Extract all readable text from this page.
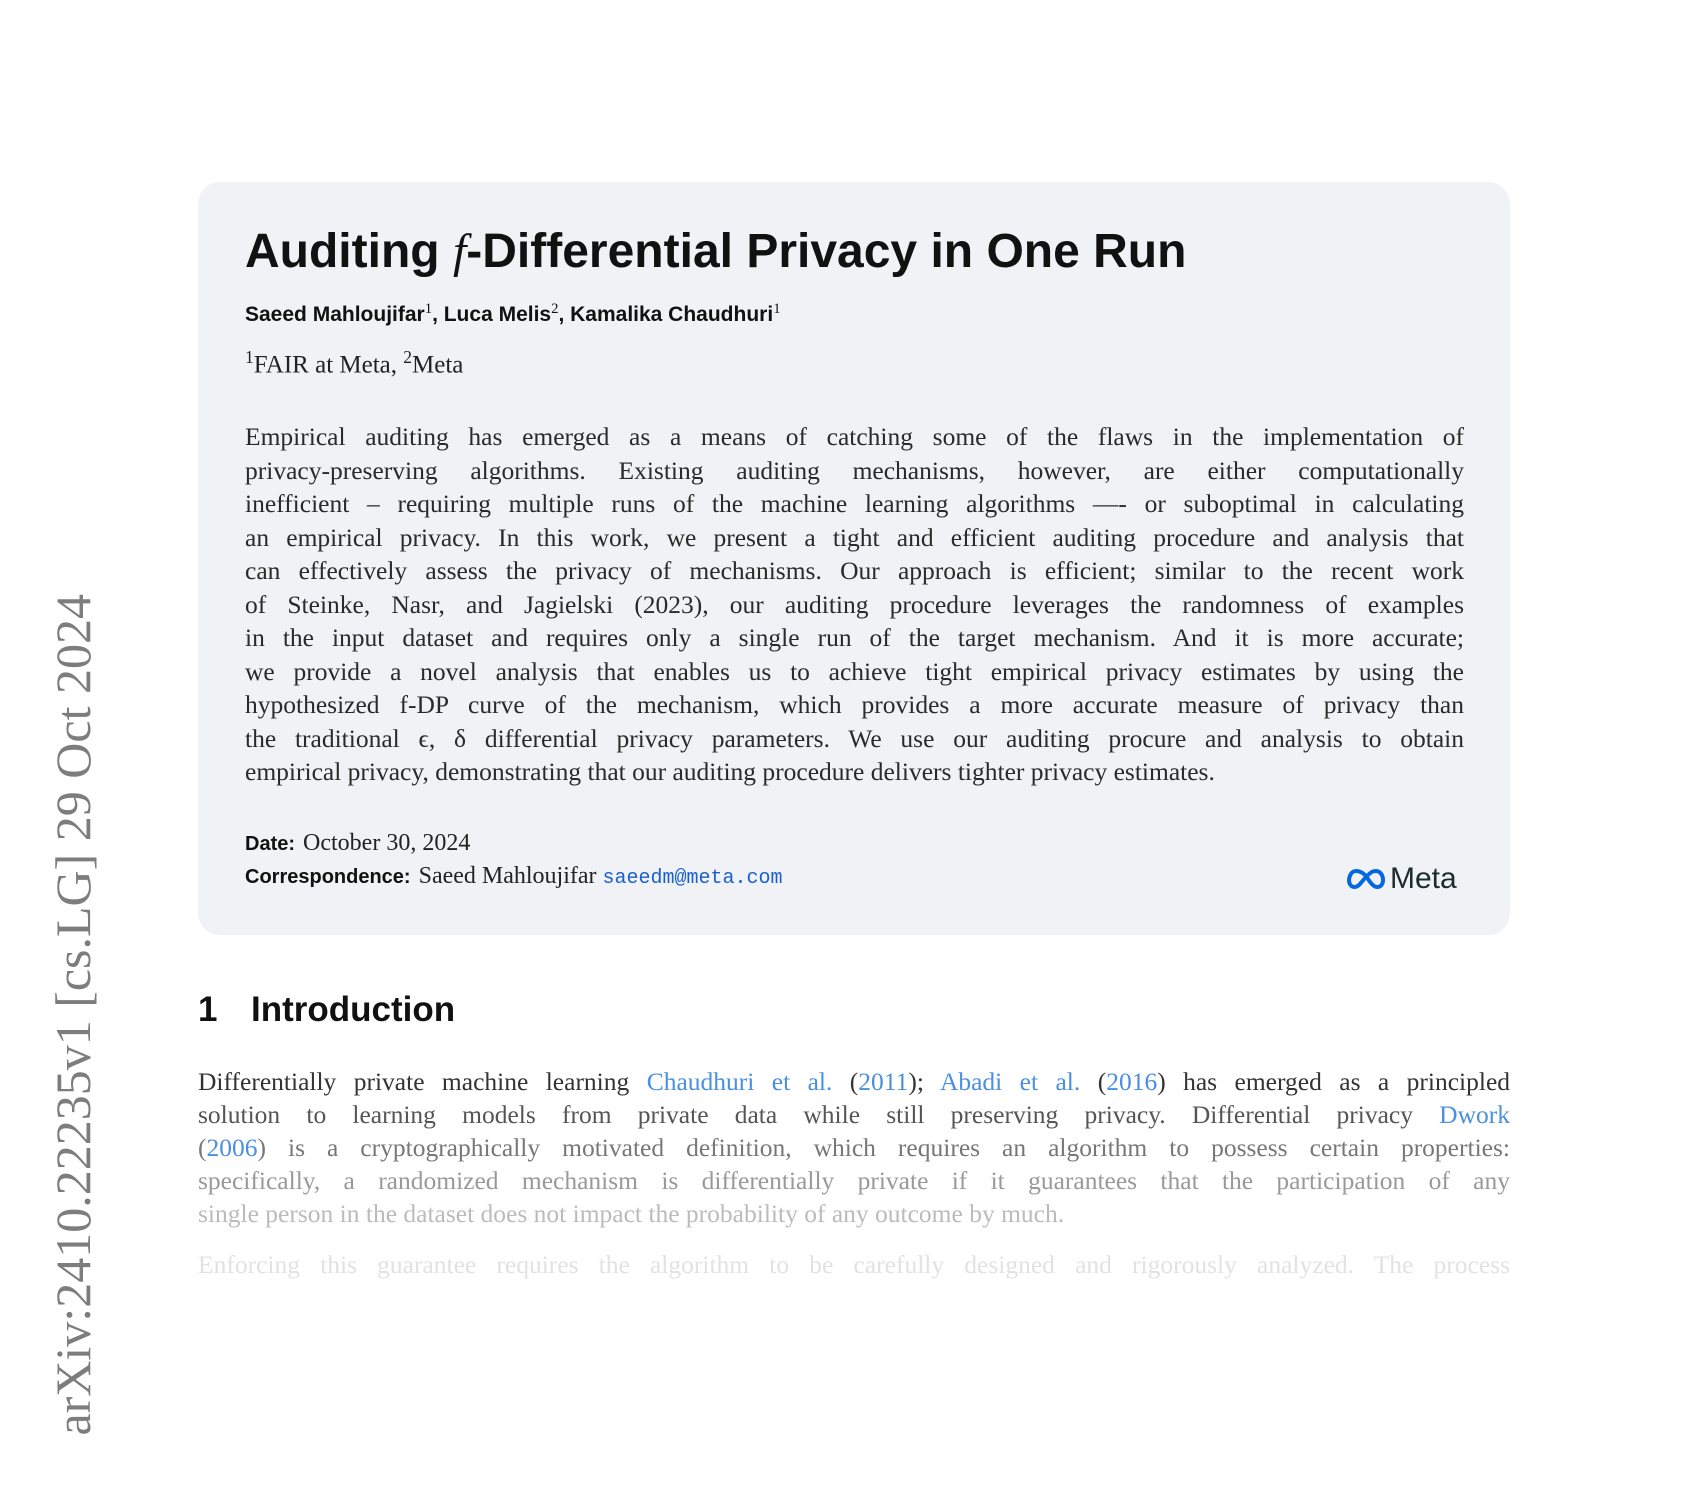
arXiv:2410.22235v1 [cs.LG] 29 Oct 2024
Auditing f-Differential Privacy in One Run
Saeed Mahloujifar$^1$, Luca Melis$^2$, Kamalika Chaudhuri$^1$
$^1$FAIR at Meta, $^2$Meta
Empirical auditing has emerged as a means of catching some of the flaws in the implementation of
privacy-preserving algorithms. Existing auditing mechanisms, however, are either computationally
inefficient – requiring multiple runs of the machine learning algorithms —- or suboptimal in calculating
an empirical privacy. In this work, we present a tight and efficient auditing procedure and analysis that
can effectively assess the privacy of mechanisms. Our approach is efficient; similar to the recent work
of Steinke, Nasr, and Jagielski (2023), our auditing procedure leverages the randomness of examples
in the input dataset and requires only a single run of the target mechanism. And it is more accurate;
we provide a novel analysis that enables us to achieve tight empirical privacy estimates by using the
hypothesized f-DP curve of the mechanism, which provides a more accurate measure of privacy than
the traditional ϵ, δ differential privacy parameters. We use our auditing procure and analysis to obtain
empirical privacy, demonstrating that our auditing procedure delivers tighter privacy estimates.
Date: October 30, 2024
Correspondence: Saeed Mahloujifar saeedm@meta.com	Meta
1 Introduction
Differentially private machine learning Chaudhuri et al. (2011); Abadi et al. (2016) has emerged as a principled
solution to learning models from private data while still preserving privacy. Differential privacy Dwork
(2006) is a cryptographically motivated definition, which requires an algorithm to possess certain properties:
specifically, a randomized mechanism is differentially private if it guarantees that the participation of any
single person in the dataset does not impact the probability of any outcome by much.
Enforcing this guarantee requires the algorithm to be carefully designed and rigorously analyzed. The process
